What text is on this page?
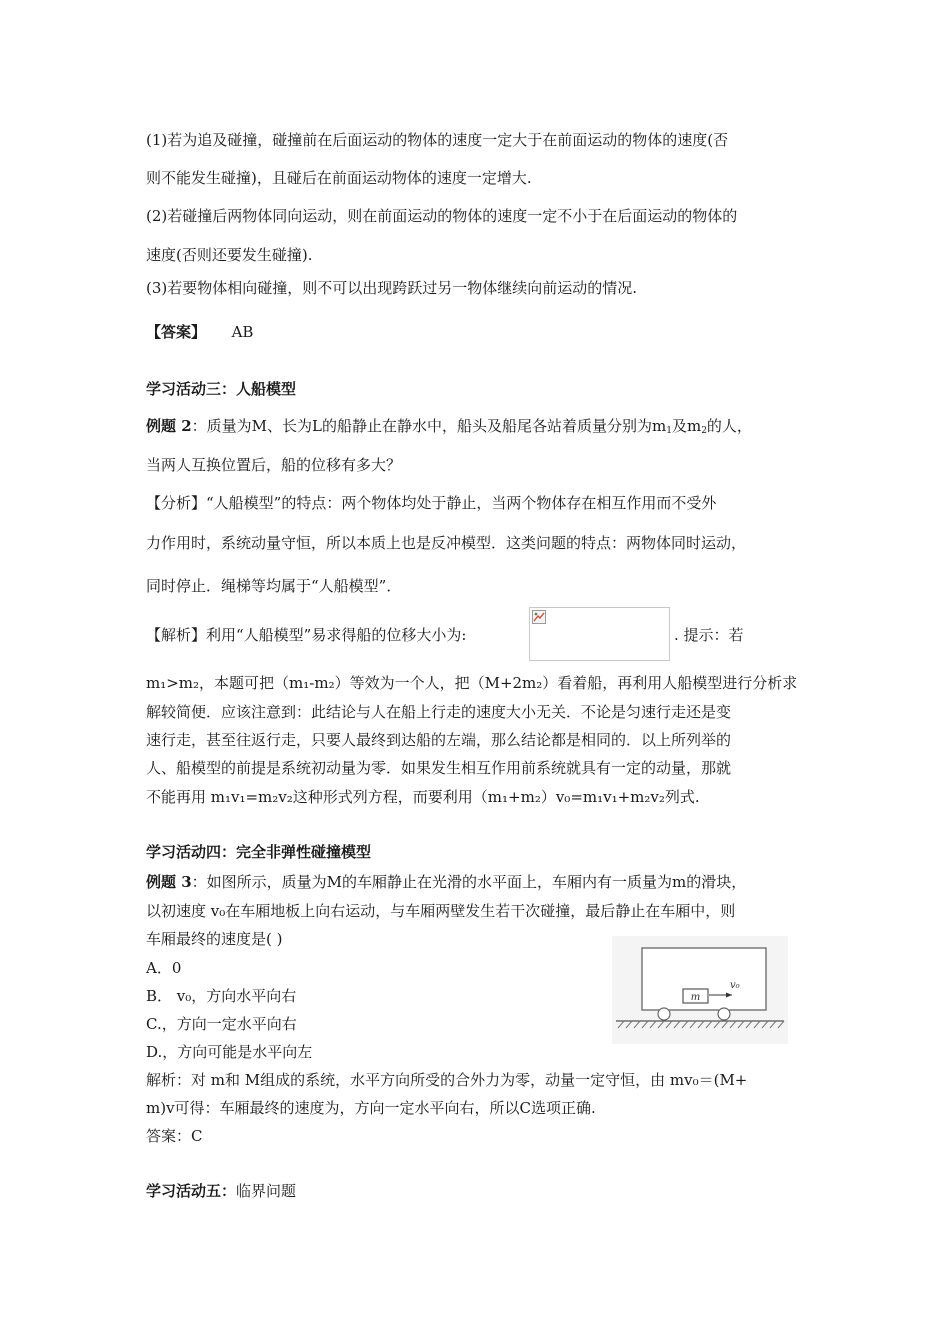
(1)若为追及碰撞，碰撞前在后面运动的物体的速度一定大于在前面运动的物体的速度(否
则不能发生碰撞)，且碰后在前面运动物体的速度一定增大.
(2)若碰撞后两物体同向运动，则在前面运动的物体的速度一定不小于在后面运动的物体的
速度(否则还要发生碰撞).
(3)若要物体相向碰撞，则不可以出现跨跃过另一物体继续向前运动的情况.
【答案】 AB
学习活动三：人船模型
例题 2：质量为M、长为L的船静止在静水中，船头及船尾各站着质量分别为$m_1$及$m_2$的人，
当两人互换位置后，船的位移有多大？
【分析】“人船模型”的特点：两个物体均处于静止，当两个物体存在相互作用而不受外
力作用时，系统动量守恒，所以本质上也是反冲模型．这类问题的特点：两物体同时运动，
同时停止．绳梯等均属于“人船模型”．
【解析】利用“人船模型”易求得船的位移大小为:	. 提示：若
m₁>m₂，本题可把（m₁-m₂）等效为一个人，把（M+2m₂）看着船，再利用人船模型进行分析求
解较简便．应该注意到：此结论与人在船上行走的速度大小无关．不论是匀速行走还是变
速行走，甚至往返行走，只要人最终到达船的左端，那么结论都是相同的．以上所列举的
人、船模型的前提是系统初动量为零．如果发生相互作用前系统就具有一定的动量，那就
不能再用 m₁v₁=m₂v₂这种形式列方程，而要利用（m₁+m₂）v₀=m₁v₁+m₂v₂列式.
学习活动四：完全非弹性碰撞模型
例题 3：如图所示，质量为M的车厢静止在光滑的水平面上，车厢内有一质量为m的滑块，
以初速度 v₀在车厢地板上向右运动，与车厢两壁发生若干次碰撞，最后静止在车厢中，则
车厢最终的速度是( )
A．0
B． v₀，方向水平向右
C.，方向一定水平向右
D.，方向可能是水平向左
m
v₀
解析：对 m和 M组成的系统，水平方向所受的合外力为零，动量一定守恒，由 mv₀＝(M+
m)v可得：车厢最终的速度为，方向一定水平向右，所以C选项正确.
答案：C
学习活动五：临界问题
